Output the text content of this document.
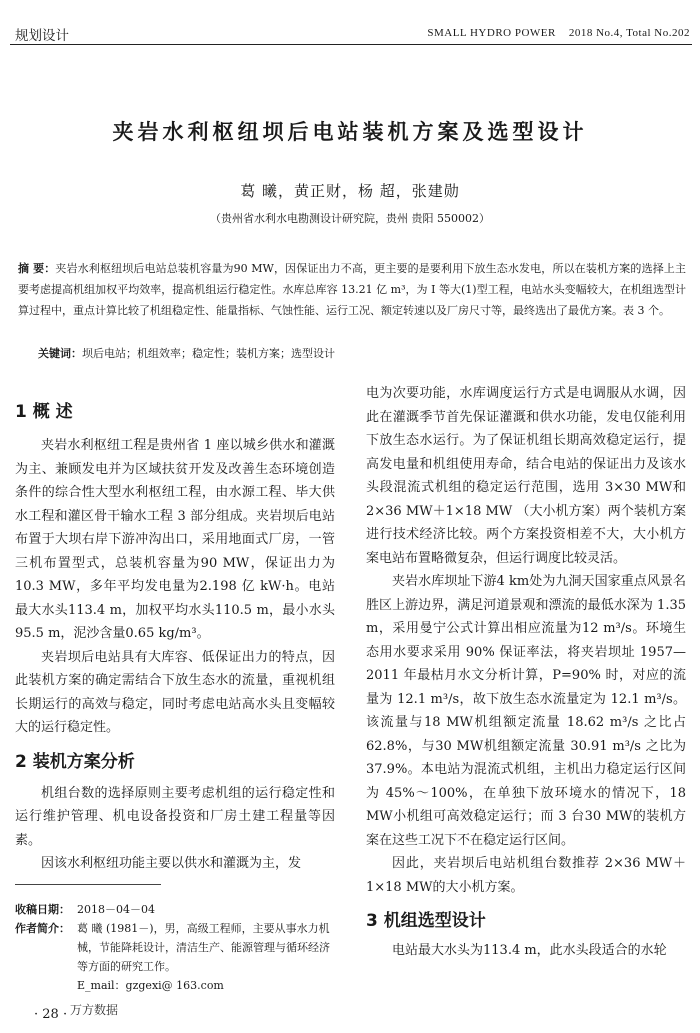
规划设计	SMALL HYDRO POWER 2018 No.4, Total No.202
夹岩水利枢纽坝后电站装机方案及选型设计
葛 曦，黄正财，杨 超，张建勋
（贵州省水利水电勘测设计研究院，贵州 贵阳 550002）
摘 要：夹岩水利枢纽坝后电站总装机容量为90 MW，因保证出力不高，更主要的是要利用下放生态水发电，所以在装机方案的选择上主要考虑提高机组加权平均效率，提高机组运行稳定性。水库总库容 13.21 亿 m³，为 Ⅰ 等大(1)型工程，电站水头变幅较大，在机组选型计算过程中，重点计算比较了机组稳定性、能量指标、气蚀性能、运行工况、额定转速以及厂房尺寸等，最终选出了最优方案。表 3 个。
关键词：坝后电站；机组效率；稳定性；装机方案；选型设计
1 概 述

夹岩水利枢纽工程是贵州省 1 座以城乡供水和灌溉为主、兼顾发电并为区域扶贫开发及改善生态环境创造条件的综合性大型水利枢纽工程，由水源工程、毕大供水工程和灌区骨干输水工程 3 部分组成。夹岩坝后电站布置于大坝右岸下游冲沟出口，采用地面式厂房，一管三机布置型式，总装机容量为90 MW，保证出力为10.3 MW，多年平均发电量为2.198 亿 kW·h。电站最大水头113.4 m，加权平均水头110.5 m，最小水头95.5 m，泥沙含量0.65 kg/m³。

夹岩坝后电站具有大库容、低保证出力的特点，因此装机方案的确定需结合下放生态水的流量，重视机组长期运行的高效与稳定，同时考虑电站高水头且变幅较大的运行稳定性。

2 装机方案分析

机组台数的选择原则主要考虑机组的运行稳定性和运行维护管理、机电设备投资和厂房土建工程量等因素。

因该水利枢纽功能主要以供水和灌溉为主，发

电为次要功能，水库调度运行方式是电调服从水调，因此在灌溉季节首先保证灌溉和供水功能，发电仅能利用下放生态水运行。为了保证机组长期高效稳定运行，提高发电量和机组使用寿命，结合电站的保证出力及该水头段混流式机组的稳定运行范围，选用 3×30 MW和 2×36 MW＋1×18 MW （大小机方案）两个装机方案进行技术经济比较。两个方案投资相差不大，大小机方案电站布置略微复杂，但运行调度比较灵活。

夹岩水库坝址下游4 km处为九洞天国家重点风景名胜区上游边界，满足河道景观和漂流的最低水深为 1.35 m，采用曼宁公式计算出相应流量为12 m³/s。环境生态用水要求采用 90% 保证率法，将夹岩坝址 1957—2011 年最枯月水文分析计算，P=90% 时，对应的流量为 12.1 m³/s，故下放生态水流量定为 12.1 m³/s。该流量与18 MW机组额定流量 18.62 m³/s 之比占 62.8%，与30 MW机组额定流量 30.91 m³/s 之比为 37.9%。本电站为混流式机组，主机出力稳定运行区间为 45%～100%，在单独下放环境水的情况下，18 MW小机组可高效稳定运行；而 3 台30 MW的装机方案在这些工况下不在稳定运行区间。

因此，夹岩坝后电站机组台数推荐 2×36 MW＋1×18 MW的大小机方案。

3 机组选型设计

电站最大水头为113.4 m，此水头段适合的水轮

收稿日期： 2018－04－04
作者简介： 葛 曦 (1981－)，男，高级工程师，主要从事水力机械，节能降耗设计，清洁生产、能源管理与循环经济等方面的研究工作。
E_mail：gzgexi@ 163.com
· 28 · 万方数据
